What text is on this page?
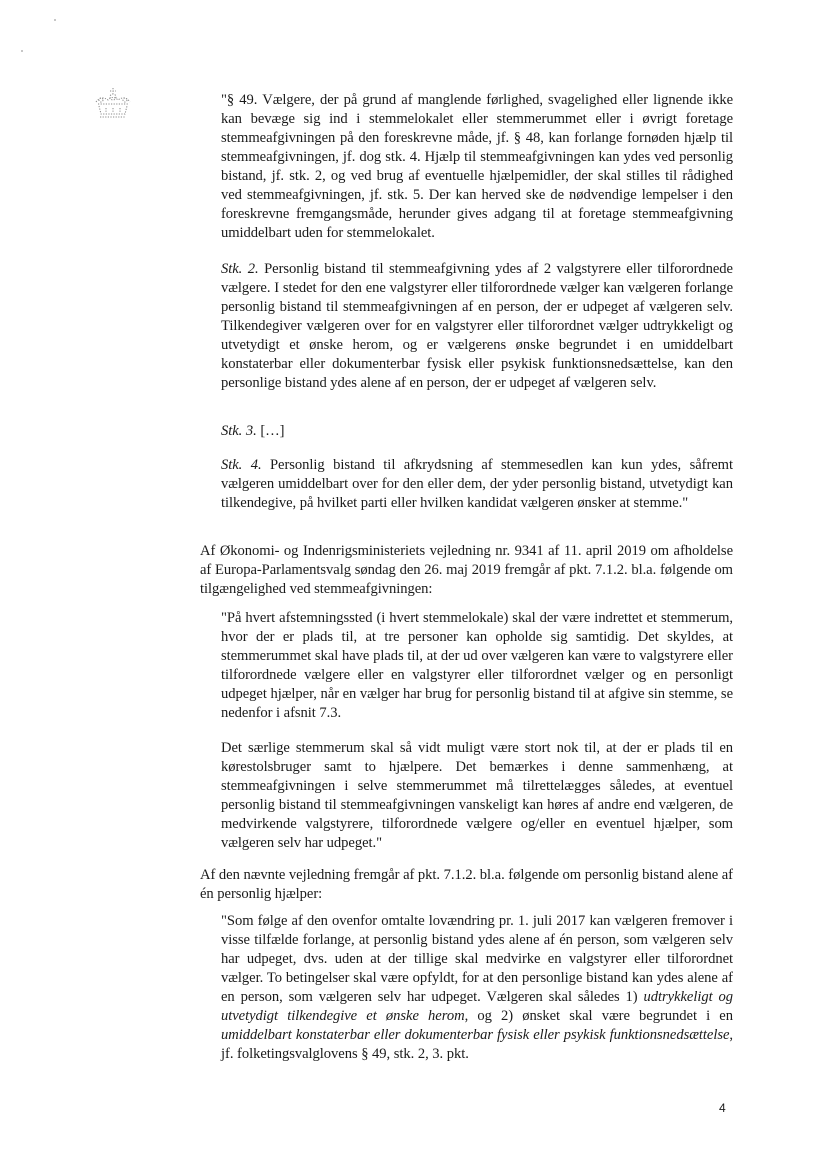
"§ 49. Vælgere, der på grund af manglende førlighed, svagelighed eller lignende ikke kan bevæge sig ind i stemmelokalet eller stemmerummet eller i øvrigt foretage stemmeafgivningen på den foreskrevne måde, jf. § 48, kan forlange fornøden hjælp til stemmeafgivningen, jf. dog stk. 4. Hjælp til stemmeafgivningen kan ydes ved personlig bistand, jf. stk. 2, og ved brug af eventuelle hjælpemidler, der skal stilles til rådighed ved stemmeafgivningen, jf. stk. 5. Der kan herved ske de nødvendige lempelser i den foreskrevne fremgangsmåde, herunder gives adgang til at foretage stemmeafgivning umiddelbart uden for stemmelokalet.

Stk. 2. Personlig bistand til stemmeafgivning ydes af 2 valgstyrere eller tilforordnede vælgere. I stedet for den ene valgstyrer eller tilforordnede vælger kan vælgeren forlange personlig bistand til stemmeafgivningen af en person, der er udpeget af vælgeren selv. Tilkendegiver vælgeren over for en valgstyrer eller tilforordnet vælger udtrykkeligt og utvetydigt et ønske herom, og er vælgerens ønske begrundet i en umiddelbart konstaterbar eller dokumenterbar fysisk eller psykisk funktionsnedsættelse, kan den personlige bistand ydes alene af en person, der er udpeget af vælgeren selv.

Stk. 3. […]

Stk. 4. Personlig bistand til afkrydsning af stemmesedlen kan kun ydes, såfremt vælgeren umiddelbart over for den eller dem, der yder personlig bistand, utvetydigt kan tilkendegive, på hvilket parti eller hvilken kandidat vælgeren ønsker at stemme."

Af Økonomi- og Indenrigsministeriets vejledning nr. 9341 af 11. april 2019 om afholdelse af Europa-Parlamentsvalg søndag den 26. maj 2019 fremgår af pkt. 7.1.2. bl.a. følgende om tilgængelighed ved stemmeafgivningen:

"På hvert afstemningssted (i hvert stemmelokale) skal der være indrettet et stemmerum, hvor der er plads til, at tre personer kan opholde sig samtidig. Det skyldes, at stemmerummet skal have plads til, at der ud over vælgeren kan være to valgstyrere eller tilforordnede vælgere eller en valgstyrer eller tilforordnet vælger og en personligt udpeget hjælper, når en vælger har brug for personlig bistand til at afgive sin stemme, se nedenfor i afsnit 7.3.

Det særlige stemmerum skal så vidt muligt være stort nok til, at der er plads til en kørestolsbruger samt to hjælpere. Det bemærkes i denne sammenhæng, at stemmeafgivningen i selve stemmerummet må tilrettelægges således, at eventuel personlig bistand til stemmeafgivningen vanskeligt kan høres af andre end vælgeren, de medvirkende valgstyrere, tilforordnede vælgere og/eller en eventuel hjælper, som vælgeren selv har udpeget."

Af den nævnte vejledning fremgår af pkt. 7.1.2. bl.a. følgende om personlig bistand alene af én personlig hjælper:

"Som følge af den ovenfor omtalte lovændring pr. 1. juli 2017 kan vælgeren fremover i visse tilfælde forlange, at personlig bistand ydes alene af én person, som vælgeren selv har udpeget, dvs. uden at der tillige skal medvirke en valgstyrer eller tilforordnet vælger. To betingelser skal være opfyldt, for at den personlige bistand kan ydes alene af en person, som vælgeren selv har udpeget. Vælgeren skal således 1) udtrykkeligt og utvetydigt tilkendegive et ønske herom, og 2) ønsket skal være begrundet i en umiddelbart konstaterbar eller dokumenterbar fysisk eller psykisk funktionsnedsættelse, jf. folketingsvalglovens § 49, stk. 2, 3. pkt.

4
